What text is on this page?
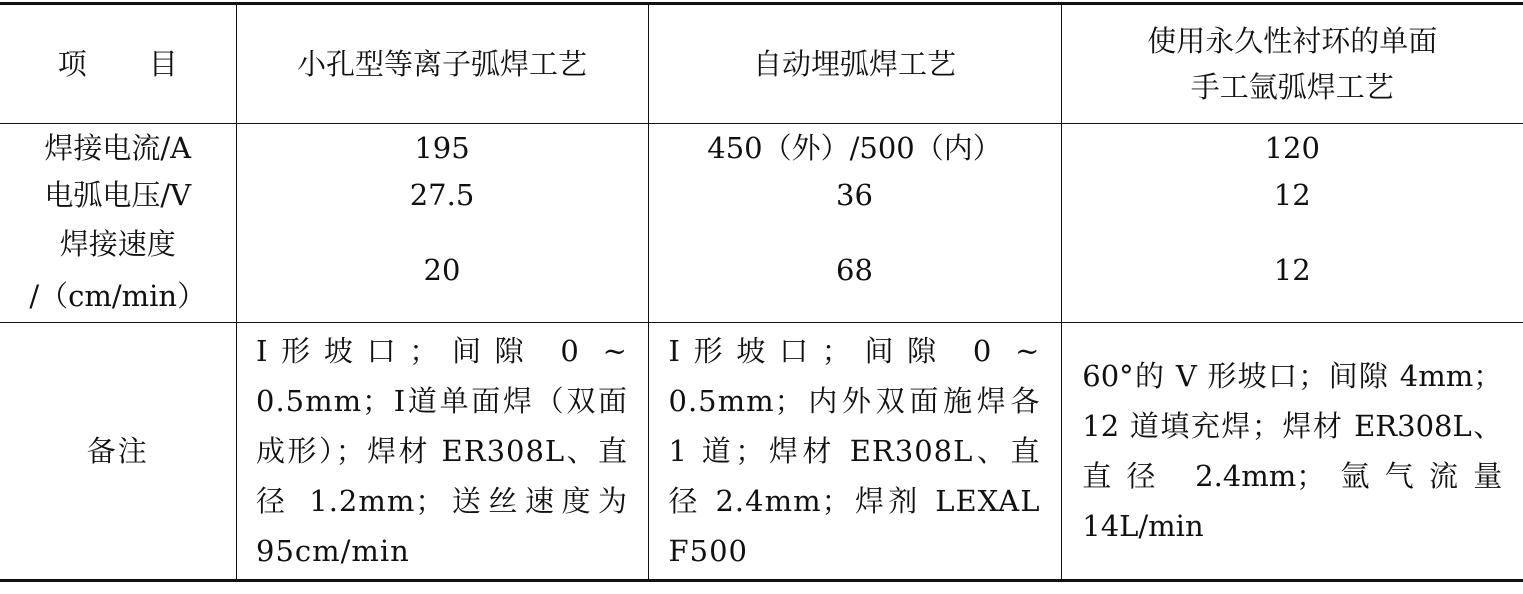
项 目	小孔型等离子弧焊工艺	自动埋弧焊工艺	使用永久性衬环的单面
手工氩弧焊工艺

焊接电流/A	195	450（外）/500（内）	120
电弧电压/V	27.5	36	12

焊接速度
/（cm/min）	20	68	12
备注	Ⅰ形坡口；间隙 0 ~ 0.5mm；Ⅰ道单面焊（双面成形）；焊材 ER308L、直径 1.2mm；送丝速度为 95cm/min	Ⅰ形坡口；间隙 0 ~ 0.5mm；内外双面施焊各 1 道；焊材 ER308L、直径 2.4mm；焊剂 LEXAL F500	60°的 V 形坡口；间隙 4mm；12 道填充焊；焊材 ER308L、直径 2.4mm；氩气流量 14L/min
